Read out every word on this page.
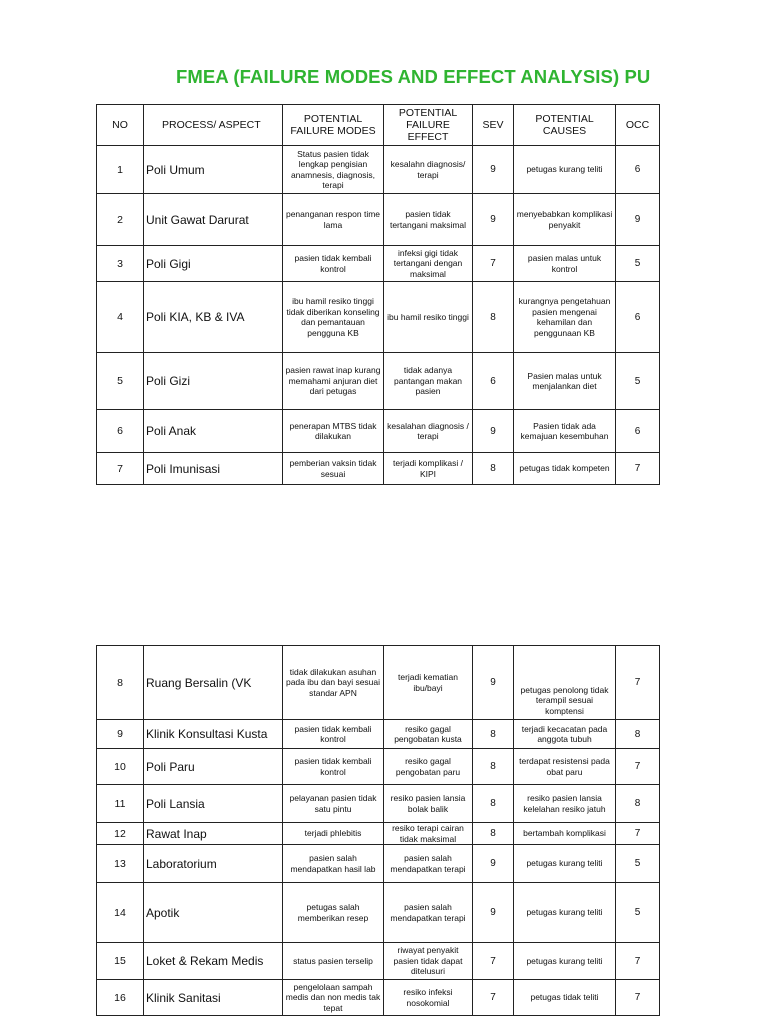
FMEA (FAILURE MODES AND EFFECT ANALYSIS) PU
NO	PROCESS/ ASPECT	POTENTIAL FAILURE MODES	POTENTIAL FAILURE EFFECT	SEV	POTENTIAL CAUSES	OCC
1	Poli Umum	Status pasien tidak lengkap pengisian anamnesis, diagnosis, terapi	kesalahn diagnosis/ terapi	9	petugas kurang teliti	6
2	Unit Gawat Darurat	penanganan respon time lama	pasien tidak tertangani maksimal	9	menyebabkan komplikasi penyakit	9
3	Poli Gigi	pasien tidak kembali kontrol	infeksi gigi tidak tertangani dengan maksimal	7	pasien malas untuk kontrol	5
4	Poli KIA, KB & IVA	ibu hamil resiko tinggi tidak diberikan konseling dan pemantauan pengguna KB	ibu hamil resiko tinggi	8	kurangnya pengetahuan pasien mengenai kehamilan dan penggunaan KB	6
5	Poli Gizi	pasien rawat inap kurang memahami anjuran diet dari petugas	tidak adanya pantangan makan pasien	6	Pasien malas untuk menjalankan diet	5
6	Poli Anak	penerapan MTBS tidak dilakukan	kesalahan diagnosis / terapi	9	Pasien tidak ada kemajuan kesembuhan	6
7	Poli Imunisasi	pemberian vaksin tidak sesuai	terjadi komplikasi / KIPI	8	petugas tidak kompeten	7
8	Ruang Bersalin (VK	tidak dilakukan asuhan pada ibu dan bayi sesuai standar APN	terjadi kematian ibu/bayi	9	petugas penolong tidak terampil sesuai komptensi	7
9	Klinik Konsultasi Kusta	pasien tidak kembali kontrol	resiko gagal pengobatan kusta	8	terjadi kecacatan pada anggota tubuh	8
10	Poli Paru	pasien tidak kembali kontrol	resiko gagal pengobatan paru	8	terdapat resistensi pada obat paru	7
11	Poli Lansia	pelayanan pasien tidak satu pintu	resiko pasien lansia bolak balik	8	resiko pasien lansia kelelahan resiko jatuh	8
12	Rawat Inap	terjadi phlebitis	resiko terapi cairan tidak maksimal	8	bertambah komplikasi	7
13	Laboratorium	pasien salah mendapatkan hasil lab	pasien salah mendapatkan terapi	9	petugas kurang teliti	5
14	Apotik	petugas salah memberikan resep	pasien salah mendapatkan terapi	9	petugas kurang teliti	5
15	Loket & Rekam Medis	status pasien terselip	riwayat penyakit pasien tidak dapat ditelusuri	7	petugas kurang teliti	7
16	Klinik Sanitasi	pengelolaan sampah medis dan non medis tak tepat	resiko infeksi nosokomial	7	petugas tidak teliti	7
